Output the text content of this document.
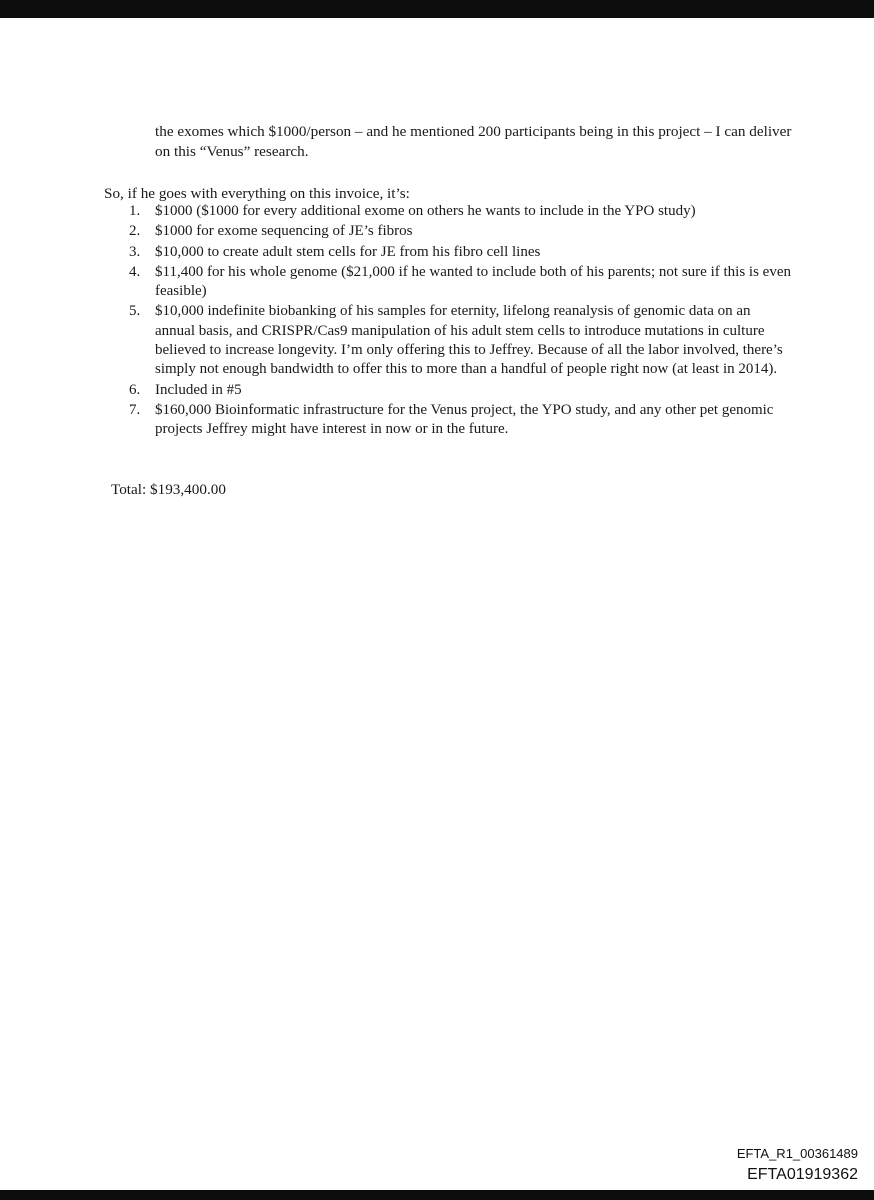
the exomes which $1000/person – and he mentioned 200 participants being in this project – I can deliver on this “Venus” research.
So, if he goes with everything on this invoice, it’s:
1. $1000 ($1000 for every additional exome on others he wants to include in the YPO study)
2. $1000 for exome sequencing of JE’s fibros
3. $10,000 to create adult stem cells for JE from his fibro cell lines
4. $11,400 for his whole genome ($21,000 if he wanted to include both of his parents; not sure if this is even feasible)
5. $10,000 indefinite biobanking of his samples for eternity, lifelong reanalysis of genomic data on an annual basis, and CRISPR/Cas9 manipulation of his adult stem cells to introduce mutations in culture believed to increase longevity. I’m only offering this to Jeffrey. Because of all the labor involved, there’s simply not enough bandwidth to offer this to more than a handful of people right now (at least in 2014).
6. Included in #5
7. $160,000 Bioinformatic infrastructure for the Venus project, the YPO study, and any other pet genomic projects Jeffrey might have interest in now or in the future.
Total: $193,400.00
EFTA_R1_00361489
EFTA01919362
